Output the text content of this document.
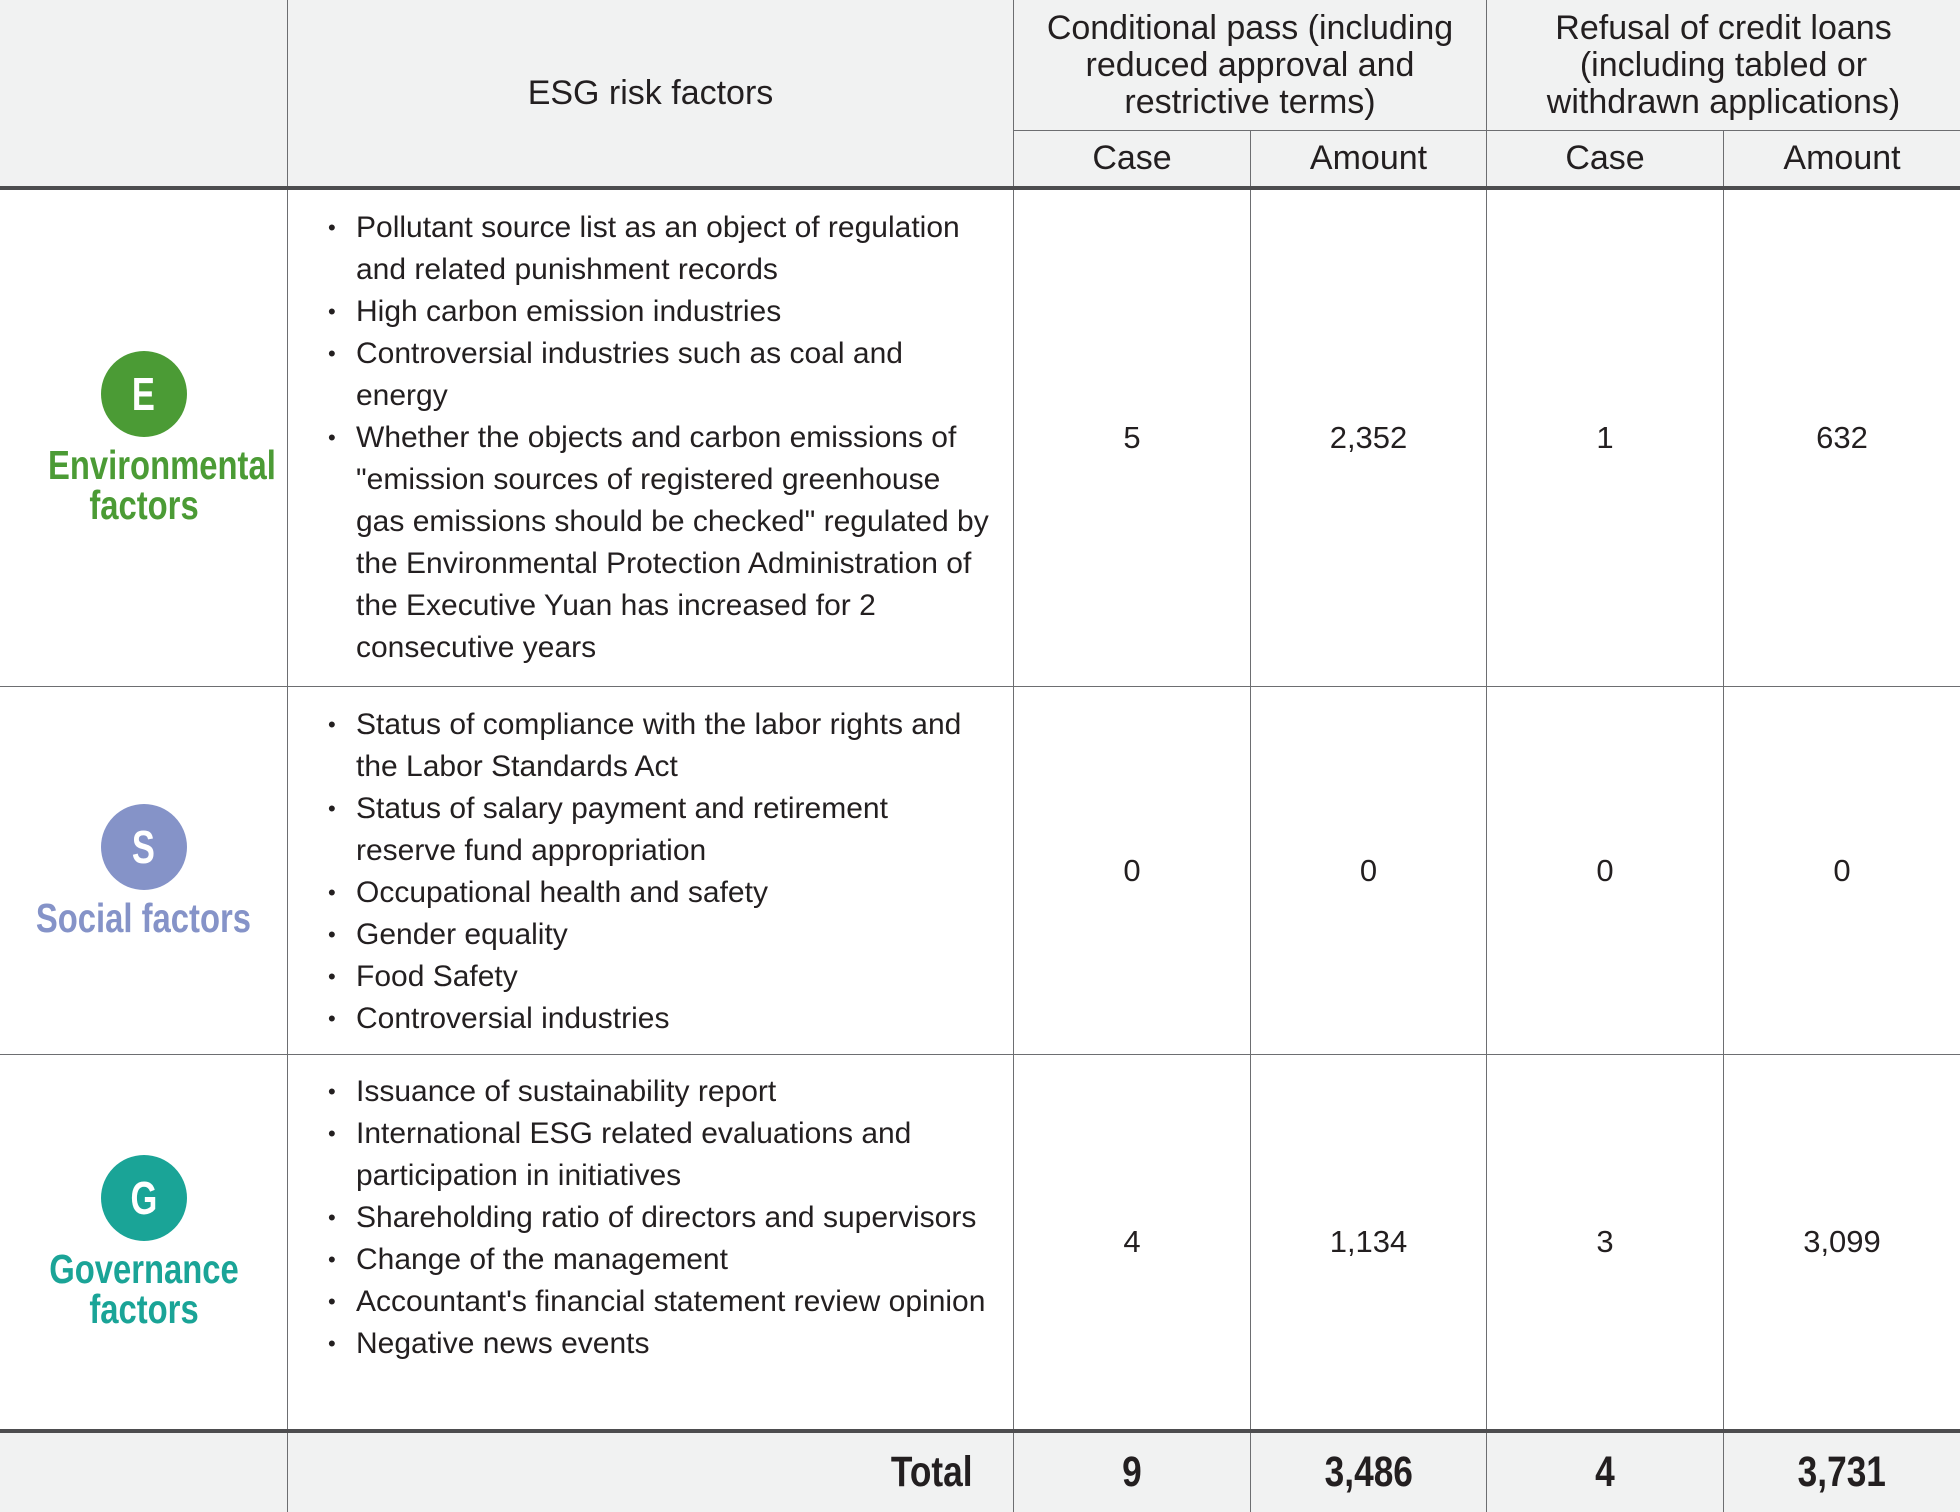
ESG risk factors
Conditional pass (including reduced approval and restrictive terms)
Refusal of credit loans (including tabled or withdrawn applications)
Case	Amount	Case	Amount
E
Environmental factors
• Pollutant source list as an object of regulation and related punishment records
• High carbon emission industries
• Controversial industries such as coal and energy
• Whether the objects and carbon emissions of "emission sources of registered greenhouse gas emissions should be checked" regulated by the Environmental Protection Administration of the Executive Yuan has increased for 2 consecutive years
5	2,352	1	632
S
Social factors
• Status of compliance with the labor rights and the Labor Standards Act
• Status of salary payment and retirement reserve fund appropriation
• Occupational health and safety
• Gender equality
• Food Safety
• Controversial industries
0	0	0	0
G
Governance factors
• Issuance of sustainability report
• International ESG related evaluations and participation in initiatives
• Shareholding ratio of directors and supervisors
• Change of the management
• Accountant's financial statement review opinion
• Negative news events
4	1,134	3	3,099
Total	9	3,486	4	3,731
